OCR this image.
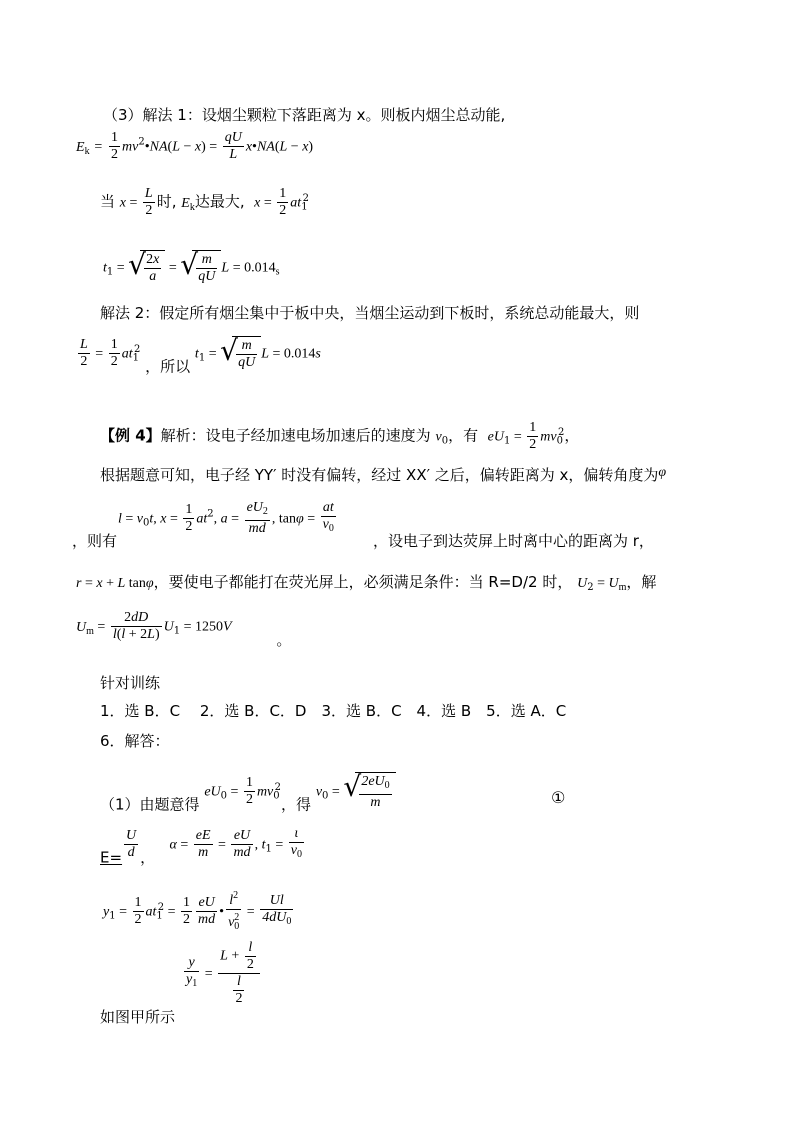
（3）解法 1：设烟尘颗粒下落距离为 x。则板内烟尘总动能,
$E_k = \frac{1}{2}$ $mv^2•NA(L - x) = \frac{qU}{L}$ x•NA(L − x)
当 $x = \frac{L}{2}$ 时, $E_k$达最大, $x = \frac{1}{2} at_1^2$
$t_1$ = √
$\frac{2x}{a}$ = √
$\frac{m}{qU}$ $L = 0.014_s$
解法 2：假定所有烟尘集中于板中央，当烟尘运动到下板时，系统总动能最大，则
$\frac{L}{2} = \frac{1}{2} at_1^2$ ，所以 $t_1$ = √
$\frac{m}{qU}$ L = 0.014s
【例 4】解析：设电子经加速电场加速后的速度为 $v_0$，有 $eU_1 = \frac{1}{2} mv_0^2$，
根据题意可知，电子经 YY′ 时没有偏转，经过 XX′ 之后，偏转距离为 x，偏转角度为φ
$l = v_0t$, $x = \frac{1}{2} at^2$, $a = \frac{eU_2}{md}$ , $\tan\varphi = \frac{at}{v_0}$
，则有	，设电子到达荧屏上时离中心的距离为 r，
r = x + L tanφ，要使电子都能打在荧光屏上，必须满足条件：当 R=D/2 时， $U_2 = U_m$，解
$U_m = \frac{2dD}{l(l + 2L)} U_1 = 1250V$ 。
针对训练
1．选 B．C　 2．选 B．C．D　3．选 B．C　4．选 B　5．选 A．C
6．解答：
（1）由题意得 $eU_0 = \frac{1}{2} mv_0^2$，得 $v_0$ = √
$\frac{2eU_0}{m}$	①
$E= \frac{U}{d}$ ，   $\alpha = \frac{eE}{m} = \frac{eU}{md}$ , $t_1 = \frac{\iota}{v_0}$
$y_1 = \frac{1}{2} at_1^2 = \frac{1}{2} \frac{eU}{md}$ • $\frac{l^2}{v_0^2} = \frac{Ul}{4dU_0}$
$\frac{y}{y_1} = \frac{L + \frac{l}{2}}{\frac{l}{2}}$
如图甲所示
